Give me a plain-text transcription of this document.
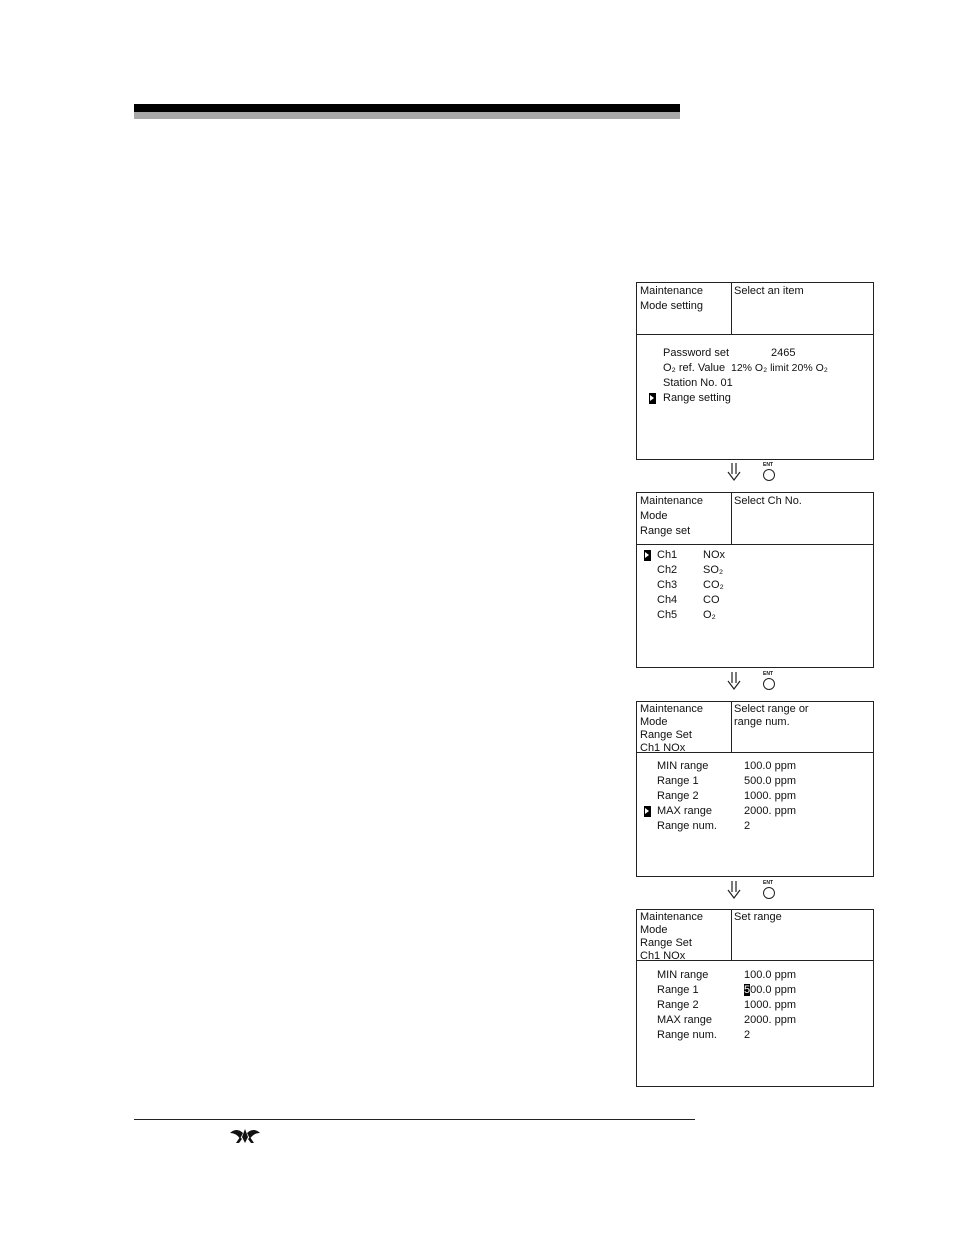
Maintenance
Mode setting
Select an item
Password set	2465
O₂ ref. Value 12% O₂ limit 20% O₂
Station No. 01
Range setting
ENT
Maintenance
Mode
Range set
Select Ch No.
Ch1 NOx
Ch2 SO₂
Ch3 CO₂
Ch4 CO
Ch5 O₂
ENT
Maintenance
Mode
Range Set
Ch1 NOx
Select range or
range num.
MIN range	100.0 ppm
Range 1	500.0 ppm
Range 2	1000. ppm
MAX range	2000. ppm
Range num. 2
ENT
Maintenance
Mode
Range Set
Ch1 NOx
Set range
MIN range	100.0 ppm
Range 1	500.0 ppm
Range 2	1000. ppm
MAX range	2000. ppm
Range num. 2
